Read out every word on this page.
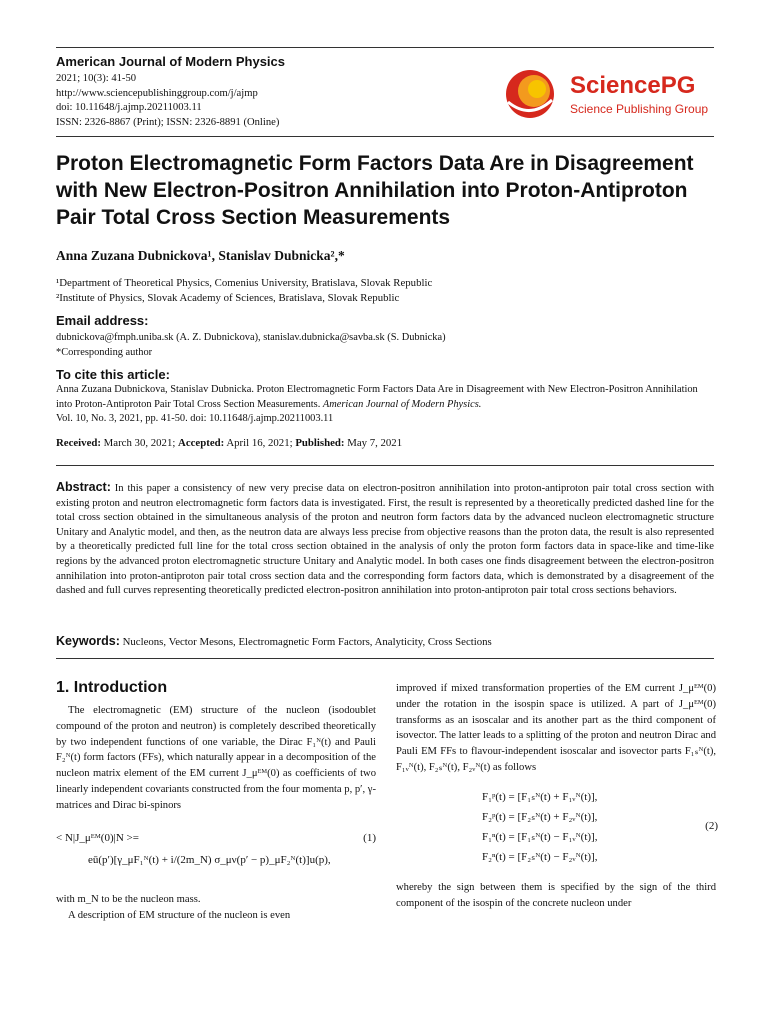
American Journal of Modern Physics
2021; 10(3): 41-50
http://www.sciencepublishinggroup.com/j/ajmp
doi: 10.11648/j.ajmp.20211003.11
ISSN: 2326-8867 (Print); ISSN: 2326-8891 (Online)
SciencePG
Science Publishing Group
Proton Electromagnetic Form Factors Data Are in Disagreement with New Electron-Positron Annihilation into Proton-Antiproton Pair Total Cross Section Measurements
Anna Zuzana Dubnickova¹, Stanislav Dubnicka²,*
¹Department of Theoretical Physics, Comenius University, Bratislava, Slovak Republic
²Institute of Physics, Slovak Academy of Sciences, Bratislava, Slovak Republic
Email address:
dubnickova@fmph.uniba.sk (A. Z. Dubnickova), stanislav.dubnicka@savba.sk (S. Dubnicka)
*Corresponding author
To cite this article:
Anna Zuzana Dubnickova, Stanislav Dubnicka. Proton Electromagnetic Form Factors Data Are in Disagreement with New Electron-Positron Annihilation into Proton-Antiproton Pair Total Cross Section Measurements. American Journal of Modern Physics.
Vol. 10, No. 3, 2021, pp. 41-50. doi: 10.11648/j.ajmp.20211003.11
Received: March 30, 2021; Accepted: April 16, 2021; Published: May 7, 2021
Abstract: In this paper a consistency of new very precise data on electron-positron annihilation into proton-antiproton pair total cross section with existing proton and neutron electromagnetic form factors data is investigated. First, the result is represented by a theoretically predicted dashed line for the total cross section obtained in the simultaneous analysis of the proton and neutron form factors data by the advanced nucleon electromagnetic structure Unitary and Analytic model, and then, as the neutron data are always less precise from objective reasons than the proton data, the result is also represented by a theoretically predicted full line for the total cross section obtained in the analysis of only the proton form factors data in space-like and time-like regions by the advanced proton electromagnetic structure Unitary and Analytic model. In both cases one finds disagreement between the electron-positron annihilation into proton-antiproton pair total cross section data and the corresponding form factors data, which is demonstrated by a disagreement of the dashed and full curves representing theoretically predicted electron-positron annihilation into proton-antiproton pair total cross sections behaviors.
Keywords: Nucleons, Vector Mesons, Electromagnetic Form Factors, Analyticity, Cross Sections
1. Introduction
The electromagnetic (EM) structure of the nucleon (isodoublet compound of the proton and neutron) is completely described theoretically by two independent functions of one variable, the Dirac F₁ᴺ(t) and Pauli F₂ᴺ(t) form factors (FFs), which naturally appear in a decomposition of the nucleon matrix element of the EM current J_μᴱᴹ(0) as coefficients of two linearly independent covariants constructed from the four momenta p, p′, γ-matrices and Dirac bi-spinors
< N|J_μᴱᴹ(0)|N >=	(1)
eū(p′)[γ_μF₁ᴺ(t) + i/(2m_N) σ_μν(p′ − p)_μF₂ᴺ(t)]u(p),
with m_N to be the nucleon mass.
A description of EM structure of the nucleon is even
improved if mixed transformation properties of the EM current J_μᴱᴹ(0) under the rotation in the isospin space is utilized. A part of J_μᴱᴹ(0) transforms as an isoscalar and its another part as the third component of isovector. The latter leads to a splitting of the proton and neutron Dirac and Pauli EM FFs to flavour-independent isoscalar and isovector parts F₁ₛᴺ(t), F₁ᵥᴺ(t), F₂ₛᴺ(t), F₂ᵥᴺ(t) as follows
F₁ᵖ(t) = [F₁ₛᴺ(t) + F₁ᵥᴺ(t)],
F₂ᵖ(t) = [F₂ₛᴺ(t) + F₂ᵥᴺ(t)],
F₁ⁿ(t) = [F₁ₛᴺ(t) − F₁ᵥᴺ(t)],
F₂ⁿ(t) = [F₂ₛᴺ(t) − F₂ᵥᴺ(t)],
(2)
whereby the sign between them is specified by the sign of the third component of the isospin of the concrete nucleon under
